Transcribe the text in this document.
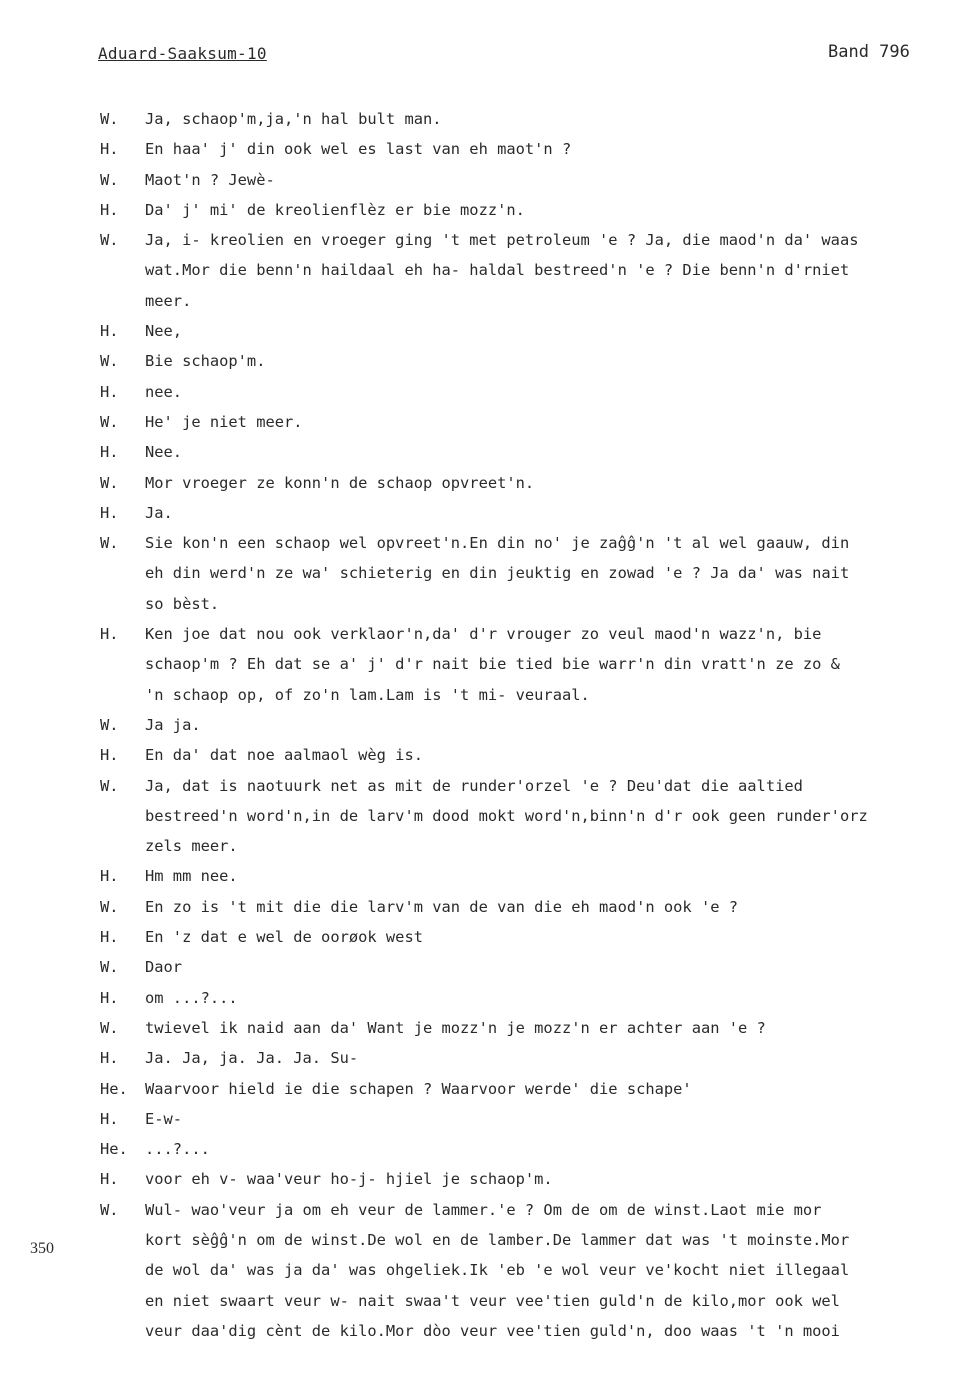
Aduard-Saaksum-10	Band 796
350
W. Ja, schaop'm,ja,'n hal bult man.
H. En haa' j' din ook wel es last van eh maot'n ?
W. Maot'n ? Jewè-
H. Da' j' mi' de kreolienflèz er bie mozz'n.
W. Ja, i- kreolien en vroeger ging 't met petroleum 'e ? Ja, die maod'n da' waas
wat.Mor die benn'n haildaal eh ha- haldal bestreed'n 'e ? Die benn'n d'rniet
meer.
H. Nee,
W. Bie schaop'm.
H. nee.
W. He' je niet meer.
H. Nee.
W. Mor vroeger ze konn'n de schaop opvreet'n.
H. Ja.
W. Sie kon'n een schaop wel opvreet'n.En din no' je zaĝĝ'n 't al wel gaauw, din
eh din werd'n ze wa' schieterig en din jeuktig en zowad 'e ? Ja da' was nait
so bèst.
H. Ken joe dat nou ook verklaor'n,da' d'r vrouger zo veul maod'n wazz'n, bie
schaop'm ? Eh dat se a' j' d'r nait bie tied bie warr'n din vratt'n ze zo &
'n schaop op, of zo'n lam.Lam is 't mi- veuraal.
W. Ja ja.
H. En da' dat noe aalmaol wèg is.
W. Ja, dat is naotuurk net as mit de runder'orzel 'e ? Deu'dat die aaltied
bestreed'n word'n,in de larv'm dood mokt word'n,binn'n d'r ook geen runder'orz
zels meer.
H. Hm mm nee.
W. En zo is 't mit die die larv'm van de van die eh maod'n ook 'e ?
H. En 'z dat e wel de oorøok west
W. Daor
H. om ...?...
W. twievel ik naid aan da' Want je mozz'n je mozz'n er achter aan 'e ?
H. Ja. Ja, ja. Ja. Ja. Su-
He. Waarvoor hield ie die schapen ? Waarvoor werde' die schape'
H. E-w-
He. ...?...
H. voor eh v- waa'veur ho-j- hjiel je schaop'm.
W. Wul- wao'veur ja om eh veur de lammer.'e ? Om de om de winst.Laot mie mor
kort sèĝĝ'n om de winst.De wol en de lamber.De lammer dat was 't moinste.Mor
de wol da' was ja da' was ohgeliek.Ik 'eb 'e wol veur ve'kocht niet illegaal
en niet swaart veur w- nait swaa't veur vee'tien guld'n de kilo,mor ook wel
veur daa'dig cènt de kilo.Mor dòo veur vee'tien guld'n, doo waas 't 'n mooi
